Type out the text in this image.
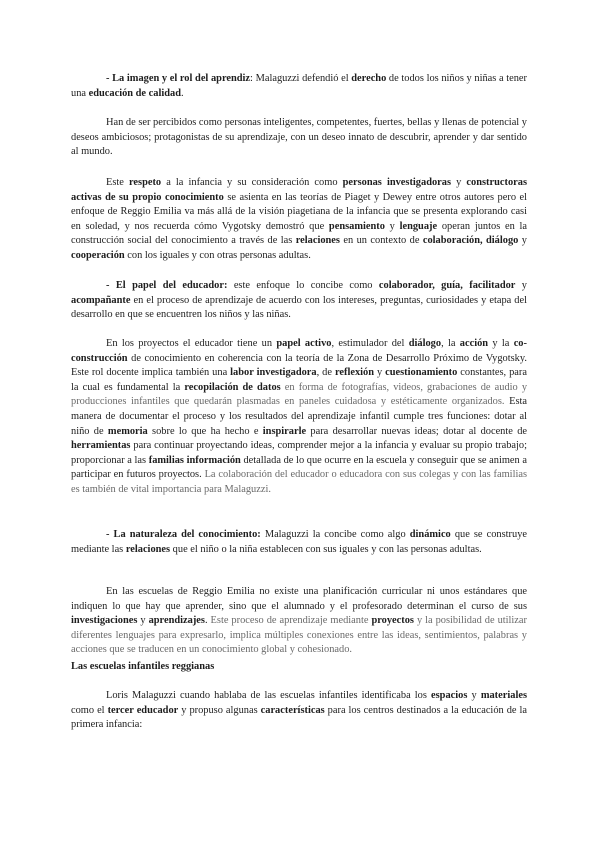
- La imagen y el rol del aprendiz: Malaguzzi defendió el derecho de todos los niños y niñas a tener una educación de calidad.

Han de ser percibidos como personas inteligentes, competentes, fuertes, bellas y llenas de potencial y deseos ambiciosos; protagonistas de su aprendizaje, con un deseo innato de descubrir, aprender y dar sentido al mundo.

Este respeto a la infancia y su consideración como personas investigadoras y constructoras activas de su propio conocimiento se asienta en las teorías de Piaget y Dewey entre otros autores pero el enfoque de Reggio Emilia va más allá de la visión piagetiana de la infancia que se presenta explorando casi en soledad, y nos recuerda cómo Vygotsky demostró que pensamiento y lenguaje operan juntos en la construcción social del conocimiento a través de las relaciones en un contexto de colaboración, diálogo y cooperación con los iguales y con otras personas adultas.

- El papel del educador: este enfoque lo concibe como colaborador, guía, facilitador y acompañante en el proceso de aprendizaje de acuerdo con los intereses, preguntas, curiosidades y etapa del desarrollo en que se encuentren los niños y las niñas.

En los proyectos el educador tiene un papel activo, estimulador del diálogo, la acción y la co-construcción de conocimiento en coherencia con la teoría de la Zona de Desarrollo Próximo de Vygotsky. Este rol docente implica también una labor investigadora, de reflexión y cuestionamiento constantes, para la cual es fundamental la recopilación de datos en forma de fotografías, videos, grabaciones de audio y producciones infantiles que quedarán plasmadas en paneles cuidadosa y estéticamente organizados. Esta manera de documentar el proceso y los resultados del aprendizaje infantil cumple tres funciones: dotar al niño de memoria sobre lo que ha hecho e inspirarle para desarrollar nuevas ideas; dotar al docente de herramientas para continuar proyectando ideas, comprender mejor a la infancia y evaluar su propio trabajo; proporcionar a las familias información detallada de lo que ocurre en la escuela y conseguir que se animen a participar en futuros proyectos. La colaboración del educador o educadora con sus colegas y con las familias es también de vital importancia para Malaguzzi.

- La naturaleza del conocimiento: Malaguzzi la concibe como algo dinámico que se construye mediante las relaciones que el niño o la niña establecen con sus iguales y con las personas adultas.

En las escuelas de Reggio Emilia no existe una planificación curricular ni unos estándares que indiquen lo que hay que aprender, sino que el alumnado y el profesorado determinan el curso de sus investigaciones y aprendizajes. Este proceso de aprendizaje mediante proyectos y la posibilidad de utilizar diferentes lenguajes para expresarlo, implica múltiples conexiones entre las ideas, sentimientos, palabras y acciones que se traducen en un conocimiento global y cohesionado.

Las escuelas infantiles reggianas

Loris Malaguzzi cuando hablaba de las escuelas infantiles identificaba los espacios y materiales como el tercer educador y propuso algunas características para los centros destinados a la educación de la primera infancia:
